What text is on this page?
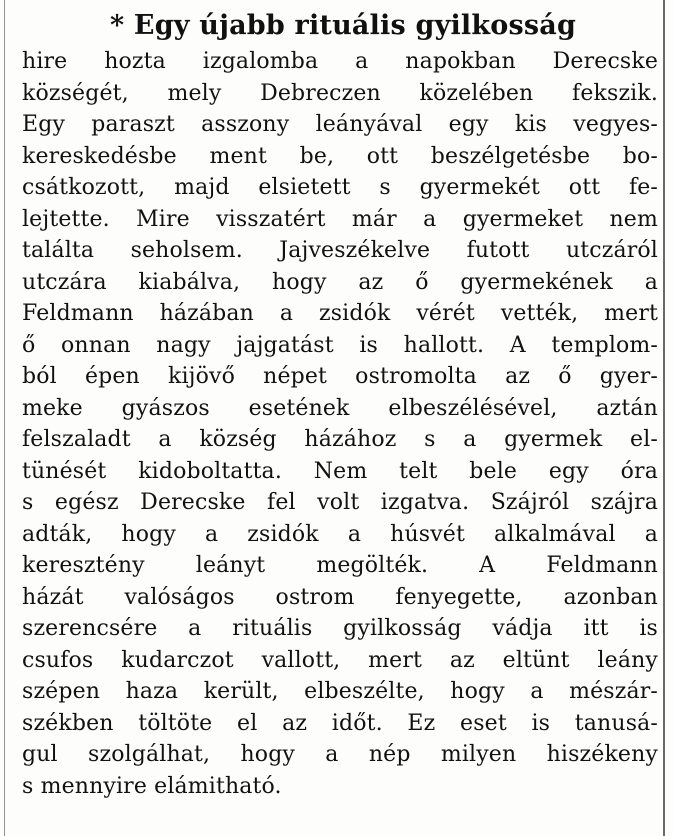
* Egy újabb rituális gyilkosság
hire hozta izgalomba a napokban Derecske
községét, mely Debreczen közelében fekszik.
Egy paraszt asszony leányával egy kis vegyes-
kereskedésbe ment be, ott beszélgetésbe bo-
csátkozott, majd elsietett s gyermekét ott fe-
lejtette. Mire visszatért már a gyermeket nem
találta seholsem. Jajveszékelve futott utczáról
utczára kiabálva, hogy az ő gyermekének a
Feldmann házában a zsidók vérét vették, mert
ő onnan nagy jajgatást is hallott. A templom-
ból épen kijövő népet ostromolta az ő gyer-
meke gyászos esetének elbeszélésével, aztán
felszaladt a község házához s a gyermek el-
tünését kidoboltatta. Nem telt bele egy óra
s egész Derecske fel volt izgatva. Szájról szájra
adták, hogy a zsidók a húsvét alkalmával a
keresztény leányt megölték. A Feldmann
házát valóságos ostrom fenyegette, azonban
szerencsére a rituális gyilkosság vádja itt is
csufos kudarczot vallott, mert az eltünt leány
szépen haza került, elbeszélte, hogy a mészár-
székben töltöte el az időt. Ez eset is tanusá-
gul szolgálhat, hogy a nép milyen hiszékeny
s mennyire elámitható.
